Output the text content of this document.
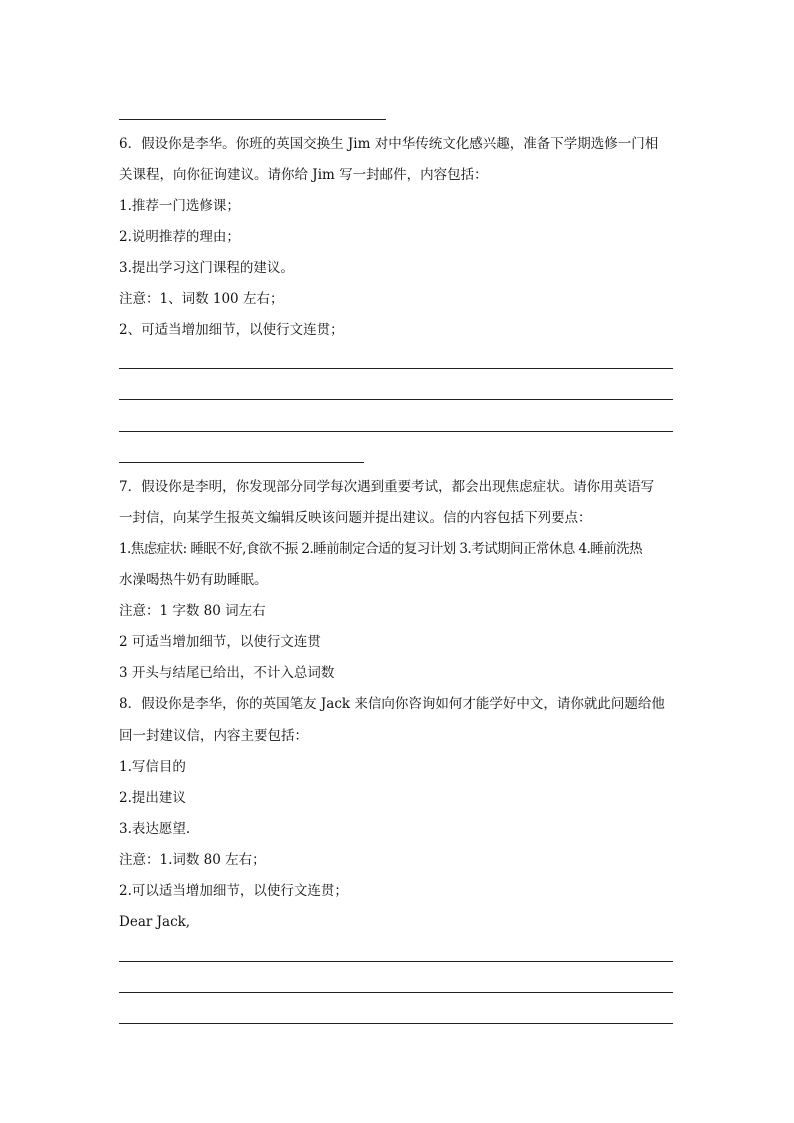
6．假设你是李华。你班的英国交换生 Jim 对中华传统文化感兴趣，准备下学期选修一门相
关课程，向你征询建议。请你给 Jim 写一封邮件，内容包括：
1.推荐一门选修课；
2.说明推荐的理由；
3.提出学习这门课程的建议。
注意：1、词数 100 左右；
2、可适当增加细节，以使行文连贯；
7．假设你是李明，你发现部分同学每次遇到重要考试，都会出现焦虑症状。请你用英语写
一封信，向某学生报英文编辑反映该问题并提出建议。信的内容包括下列要点：
1.焦虑症状: 睡眠不好,食欲不振 2.睡前制定合适的复习计划 3.考试期间正常休息 4.睡前洗热
水澡喝热牛奶有助睡眠。
注意：1 字数 80 词左右
2 可适当增加细节，以使行文连贯
3 开头与结尾已给出，不计入总词数
8．假设你是李华，你的英国笔友 Jack 来信向你咨询如何才能学好中文，请你就此问题给他
回一封建议信，内容主要包括：
1.写信目的
2.提出建议
3.表达愿望.
注意：1.词数 80 左右；
2.可以适当增加细节，以使行文连贯；
Dear Jack,
